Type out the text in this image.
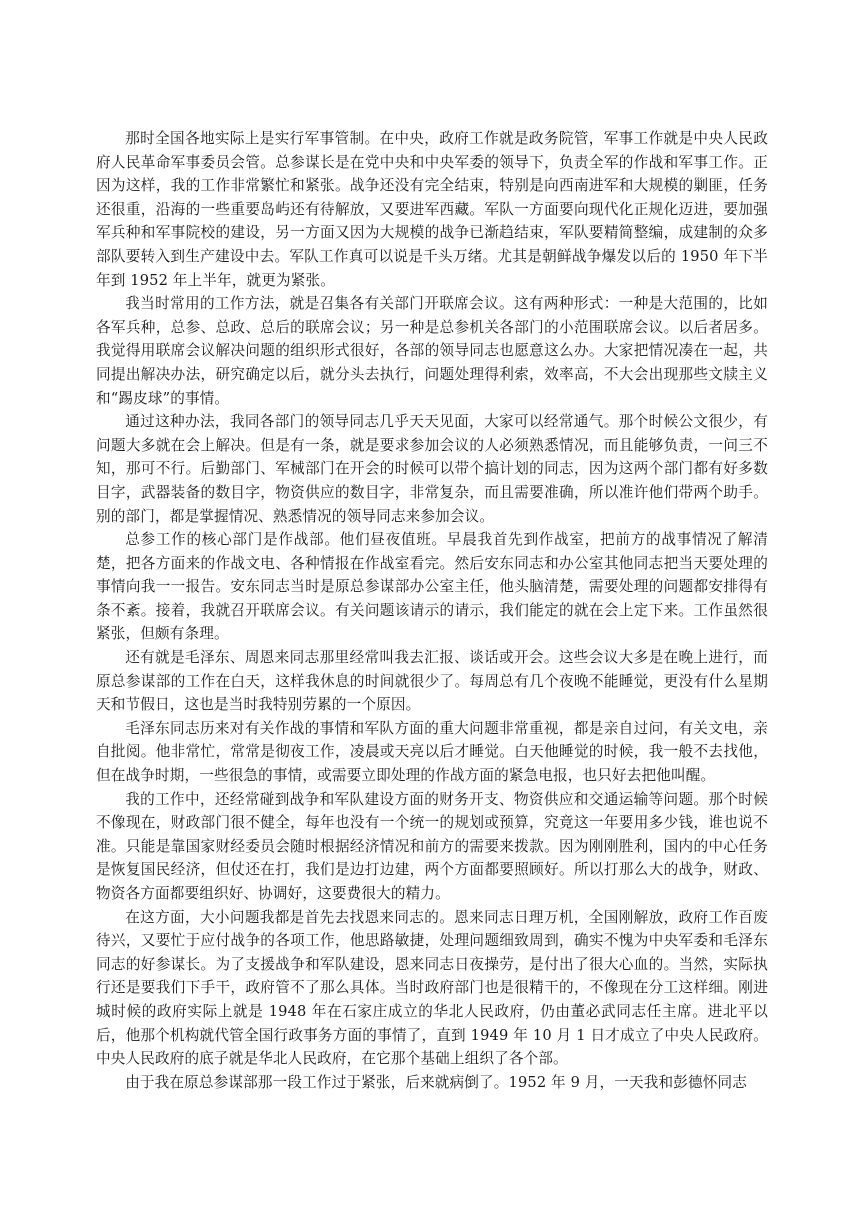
那时全国各地实际上是实行军事管制。在中央，政府工作就是政务院管，军事工作就是中央人民政府人民革命军事委员会管。总参谋长是在党中央和中央军委的领导下，负责全军的作战和军事工作。正因为这样，我的工作非常繁忙和紧张。战争还没有完全结束，特别是向西南进军和大规模的剿匪，任务还很重，沿海的一些重要岛屿还有待解放，又要进军西藏。军队一方面要向现代化正规化迈进，要加强军兵种和军事院校的建设，另一方面又因为大规模的战争已渐趋结束，军队要精简整编，成建制的众多部队要转入到生产建设中去。军队工作真可以说是千头万绪。尤其是朝鲜战争爆发以后的 1950 年下半年到 1952 年上半年，就更为紧张。

我当时常用的工作方法，就是召集各有关部门开联席会议。这有两种形式：一种是大范围的，比如各军兵种，总参、总政、总后的联席会议；另一种是总参机关各部门的小范围联席会议。以后者居多。我觉得用联席会议解决问题的组织形式很好，各部的领导同志也愿意这么办。大家把情况凑在一起，共同提出解决办法，研究确定以后，就分头去执行，问题处理得利索，效率高，不大会出现那些文牍主义和“踢皮球”的事情。

通过这种办法，我同各部门的领导同志几乎天天见面，大家可以经常通气。那个时候公文很少，有问题大多就在会上解决。但是有一条，就是要求参加会议的人必须熟悉情况，而且能够负责，一问三不知，那可不行。后勤部门、军械部门在开会的时候可以带个搞计划的同志，因为这两个部门都有好多数目字，武器装备的数目字，物资供应的数目字，非常复杂，而且需要准确，所以准许他们带两个助手。别的部门，都是掌握情况、熟悉情况的领导同志来参加会议。

总参工作的核心部门是作战部。他们昼夜值班。早晨我首先到作战室，把前方的战事情况了解清楚，把各方面来的作战文电、各种情报在作战室看完。然后安东同志和办公室其他同志把当天要处理的事情向我一一报告。安东同志当时是原总参谋部办公室主任，他头脑清楚，需要处理的问题都安排得有条不紊。接着，我就召开联席会议。有关问题该请示的请示，我们能定的就在会上定下来。工作虽然很紧张，但颇有条理。

还有就是毛泽东、周恩来同志那里经常叫我去汇报、谈话或开会。这些会议大多是在晚上进行，而原总参谋部的工作在白天，这样我休息的时间就很少了。每周总有几个夜晚不能睡觉，更没有什么星期天和节假日，这也是当时我特别劳累的一个原因。

毛泽东同志历来对有关作战的事情和军队方面的重大问题非常重视，都是亲自过问，有关文电，亲自批阅。他非常忙，常常是彻夜工作，凌晨或天亮以后才睡觉。白天他睡觉的时候，我一般不去找他，但在战争时期，一些很急的事情，或需要立即处理的作战方面的紧急电报，也只好去把他叫醒。

我的工作中，还经常碰到战争和军队建设方面的财务开支、物资供应和交通运输等问题。那个时候不像现在，财政部门很不健全，每年也没有一个统一的规划或预算，究竟这一年要用多少钱，谁也说不准。只能是靠国家财经委员会随时根据经济情况和前方的需要来拨款。因为刚刚胜利，国内的中心任务是恢复国民经济，但仗还在打，我们是边打边建，两个方面都要照顾好。所以打那么大的战争，财政、物资各方面都要组织好、协调好，这要费很大的精力。

在这方面，大小问题我都是首先去找恩来同志的。恩来同志日理万机，全国刚解放，政府工作百废待兴，又要忙于应付战争的各项工作，他思路敏捷，处理问题细致周到，确实不愧为中央军委和毛泽东同志的好参谋长。为了支援战争和军队建设，恩来同志日夜操劳，是付出了很大心血的。当然，实际执行还是要我们下手干，政府管不了那么具体。当时政府部门也是很精干的，不像现在分工这样细。刚进城时候的政府实际上就是 1948 年在石家庄成立的华北人民政府，仍由董必武同志任主席。进北平以后，他那个机构就代管全国行政事务方面的事情了，直到 1949 年 10 月 1 日才成立了中央人民政府。中央人民政府的底子就是华北人民政府，在它那个基础上组织了各个部。

由于我在原总参谋部那一段工作过于紧张，后来就病倒了。1952 年 9 月，一天我和彭德怀同志
